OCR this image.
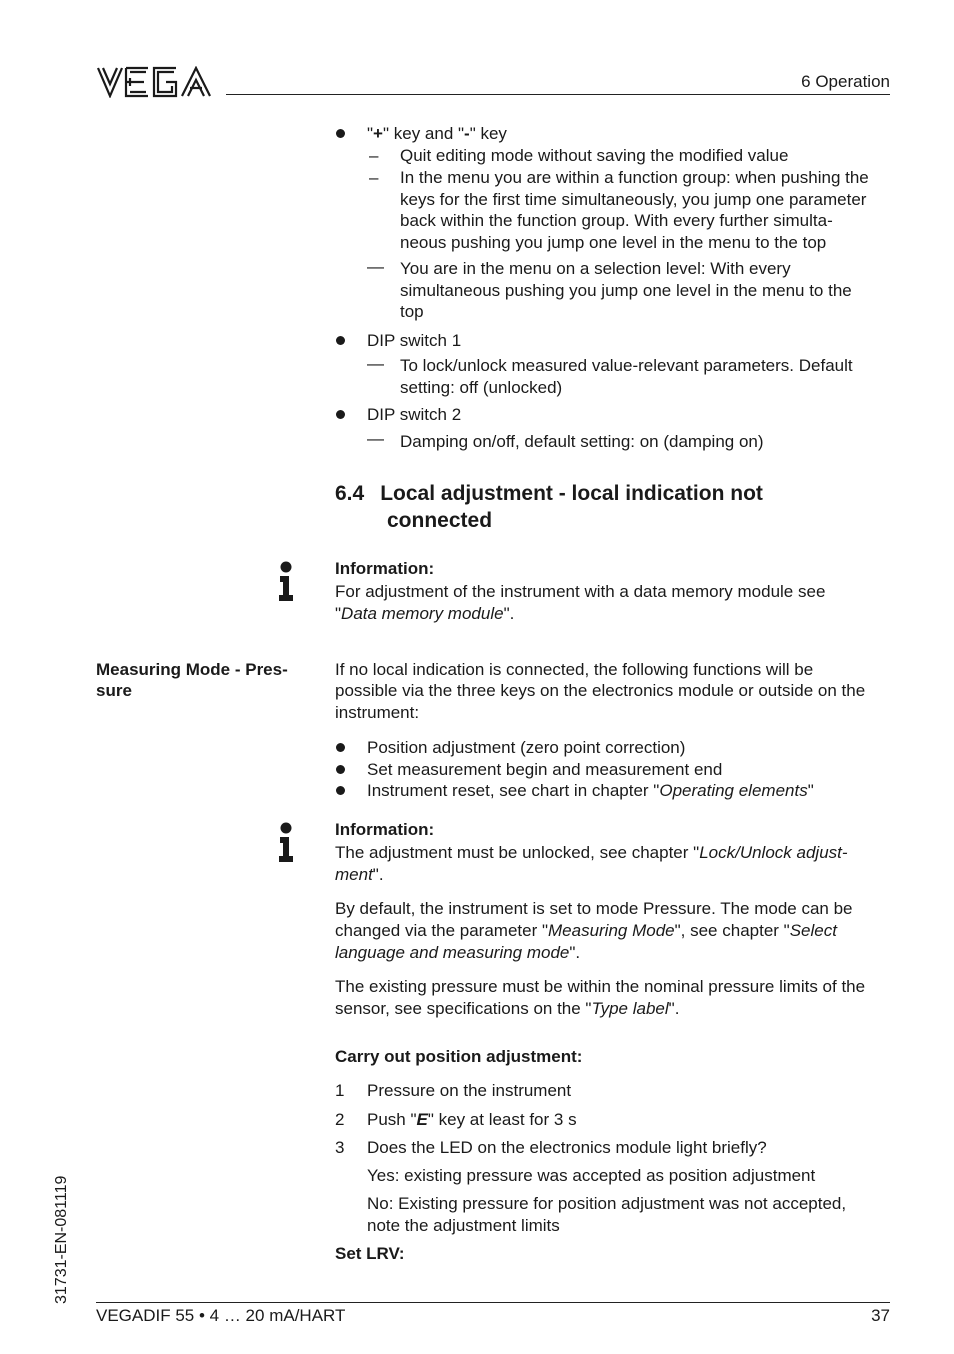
6 Operation
"+" key and "-" key
– Quit editing mode without saving the modified value
– In the menu you are within a function group: when pushing the
keys for the first time simultaneously, you jump one parameter
back within the function group. With every further simulta-
neous pushing you jump one level in the menu to the top
— You are in the menu on a selection level: With every
simultaneous pushing you jump one level in the menu to the
top
DIP switch 1
— To lock/unlock measured value-relevant parameters. Default
setting: off (unlocked)
DIP switch 2
— Damping on/off, default setting: on (damping on)
6.4 Local adjustment - local indication not
connected
Information:
For adjustment of the instrument with a data memory module see
"Data memory module".
Measuring Mode - Pres-
sure
If no local indication is connected, the following functions will be
possible via the three keys on the electronics module or outside on the
instrument:
Position adjustment (zero point correction)
Set measurement begin and measurement end
Instrument reset, see chart in chapter "Operating elements"
Information:
The adjustment must be unlocked, see chapter "Lock/Unlock adjust-
ment".
By default, the instrument is set to mode Pressure. The mode can be
changed via the parameter "Measuring Mode", see chapter "Select
language and measuring mode".
The existing pressure must be within the nominal pressure limits of the
sensor, see specifications on the "Type label".
Carry out position adjustment:
1 Pressure on the instrument
2 Push "E" key at least for 3 s
3 Does the LED on the electronics module light briefly?
Yes: existing pressure was accepted as position adjustment
No: Existing pressure for position adjustment was not accepted,
note the adjustment limits
Set LRV:
31731-EN-081119
VEGADIF 55 • 4 … 20 mA/HART	37
